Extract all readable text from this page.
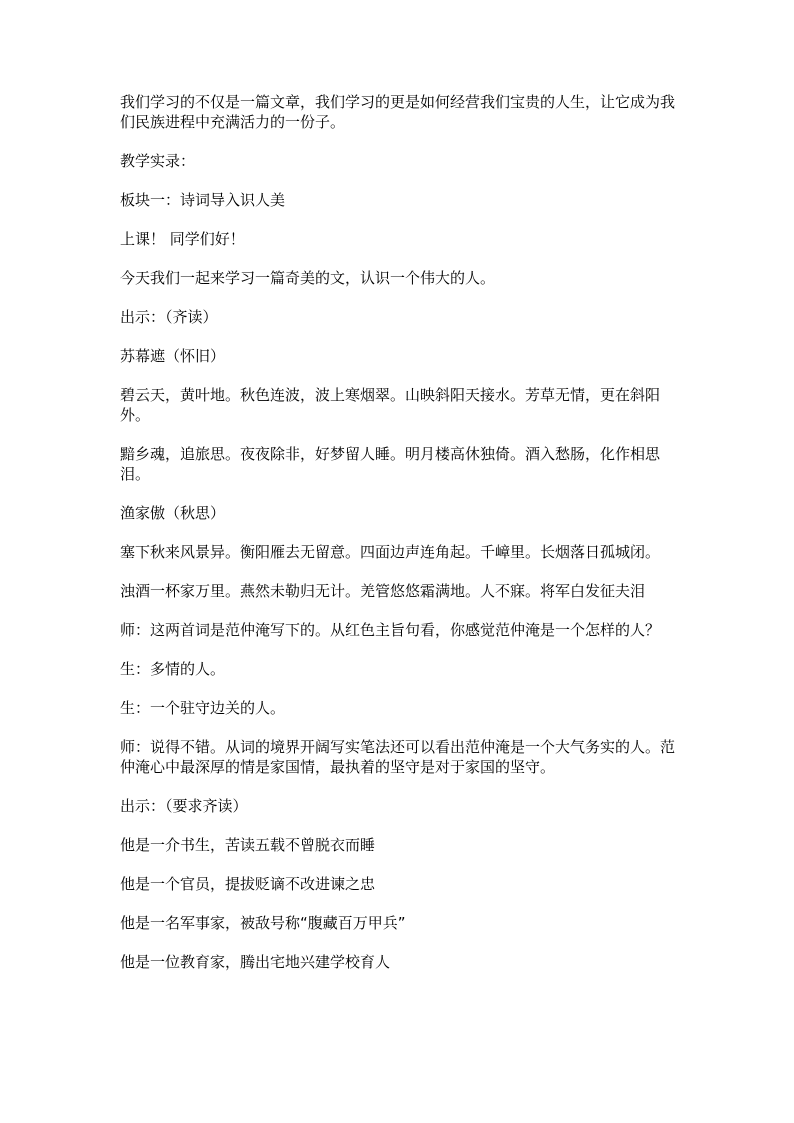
我们学习的不仅是一篇文章，我们学习的更是如何经营我们宝贵的人生，让它成为我们民族进程中充满活力的一份子。

教学实录：

板块一：诗词导入识人美

上课！ 同学们好！

今天我们一起来学习一篇奇美的文，认识一个伟大的人。

出示：（齐读）

苏幕遮（怀旧）

碧云天，黄叶地。秋色连波，波上寒烟翠。山映斜阳天接水。芳草无情，更在斜阳外。

黯乡魂，追旅思。夜夜除非，好梦留人睡。明月楼高休独倚。酒入愁肠，化作相思泪。

渔家傲（秋思）

塞下秋来风景异。衡阳雁去无留意。四面边声连角起。千嶂里。长烟落日孤城闭。

浊酒一杯家万里。燕然未勒归无计。羌管悠悠霜满地。人不寐。将军白发征夫泪

师：这两首词是范仲淹写下的。从红色主旨句看，你感觉范仲淹是一个怎样的人？

生：多情的人。

生：一个驻守边关的人。

师：说得不错。从词的境界开阔写实笔法还可以看出范仲淹是一个大气务实的人。范仲淹心中最深厚的情是家国情，最执着的坚守是对于家国的坚守。

出示：（要求齐读）

他是一介书生，苦读五载不曾脱衣而睡

他是一个官员，提拔贬谪不改进谏之忠

他是一名军事家，被敌号称“腹藏百万甲兵”

他是一位教育家，腾出宅地兴建学校育人
